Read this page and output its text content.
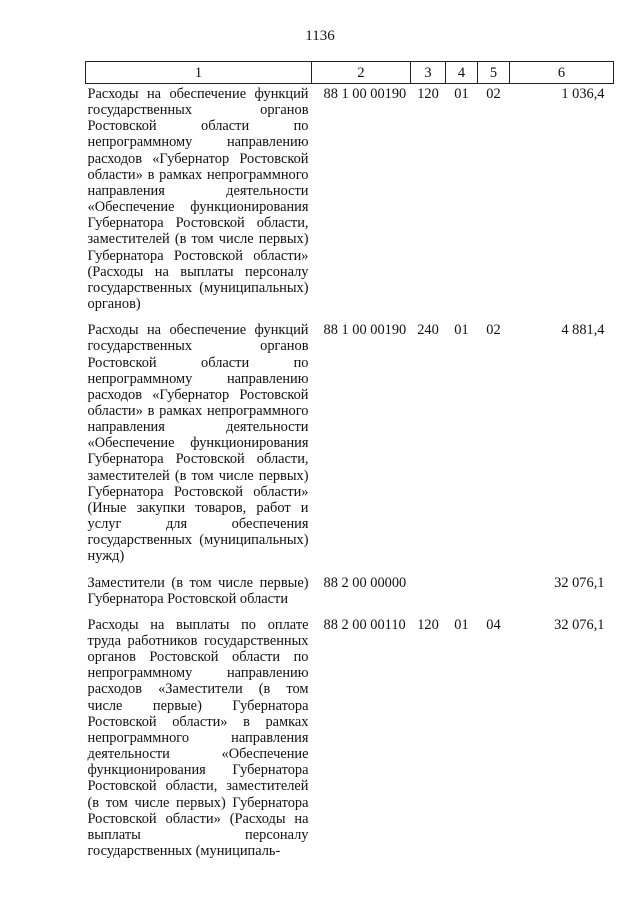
1136
1	2	3	4	5	6
Расходы на обеспечение функций государственных органов Ростовской области по непрограммному направлению расходов «Губернатор Ростовской области» в рамках непрограммного направления деятельности «Обеспечение функционирования Губернатора Ростовской области, заместителей (в том числе первых) Губернатора Ростовской области» (Расходы на выплаты персоналу государственных (муниципальных) органов)	88 1 00 00190	120	01	02	1 036,4
Расходы на обеспечение функций государственных органов Ростовской области по непрограммному направлению расходов «Губернатор Ростовской области» в рамках непрограммного направления деятельности «Обеспечение функционирования Губернатора Ростовской области, заместителей (в том числе первых) Губернатора Ростовской области» (Иные закупки товаров, работ и услуг для обеспечения государственных (муниципальных) нужд)	88 1 00 00190	240	01	02	4 881,4
Заместители (в том числе первые) Губернатора Ростовской области	88 2 00 00000				32 076,1
Расходы на выплаты по оплате труда работников государственных органов Ростовской области по непрограммному направлению расходов «Заместители (в том числе первые) Губернатора Ростовской области» в рамках непрограммного направления деятельности «Обеспечение функционирования Губернатора Ростовской области, заместителей (в том числе первых) Губернатора Ростовской области» (Расходы на выплаты персоналу государственных (муниципаль-	88 2 00 00110	120	01	04	32 076,1
